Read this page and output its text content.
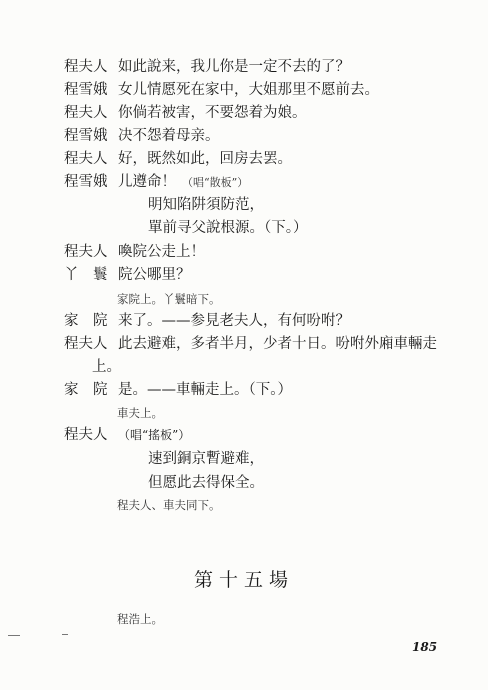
程夫人 如此說来，我儿你是一定不去的了？
程雪娥 女儿情愿死在家中，大姐那里不愿前去。
程夫人 你倘若被害，不要怨着为娘。
程雪娥 决不怨着母亲。
程夫人 好，既然如此，回房去罢。
程雪娥 儿遵命！ （唱“散板”）
明知陷阱須防范，
單前寻父說根源。（下。）
程夫人 喚院公走上！
丫　鬟 院公哪里？
家院上。丫鬟暗下。
家　院 来了。——参見老夫人，有何吩咐？
程夫人 此去避难，多者半月，少者十日。吩咐外廂車輛走
上。
家　院 是。——車輛走上。（下。）
車夫上。
程夫人 （唱“搖板”）
速到銅京暫避难，
但愿此去得保全。
程夫人、車夫同下。
第十五場
程浩上。
185
